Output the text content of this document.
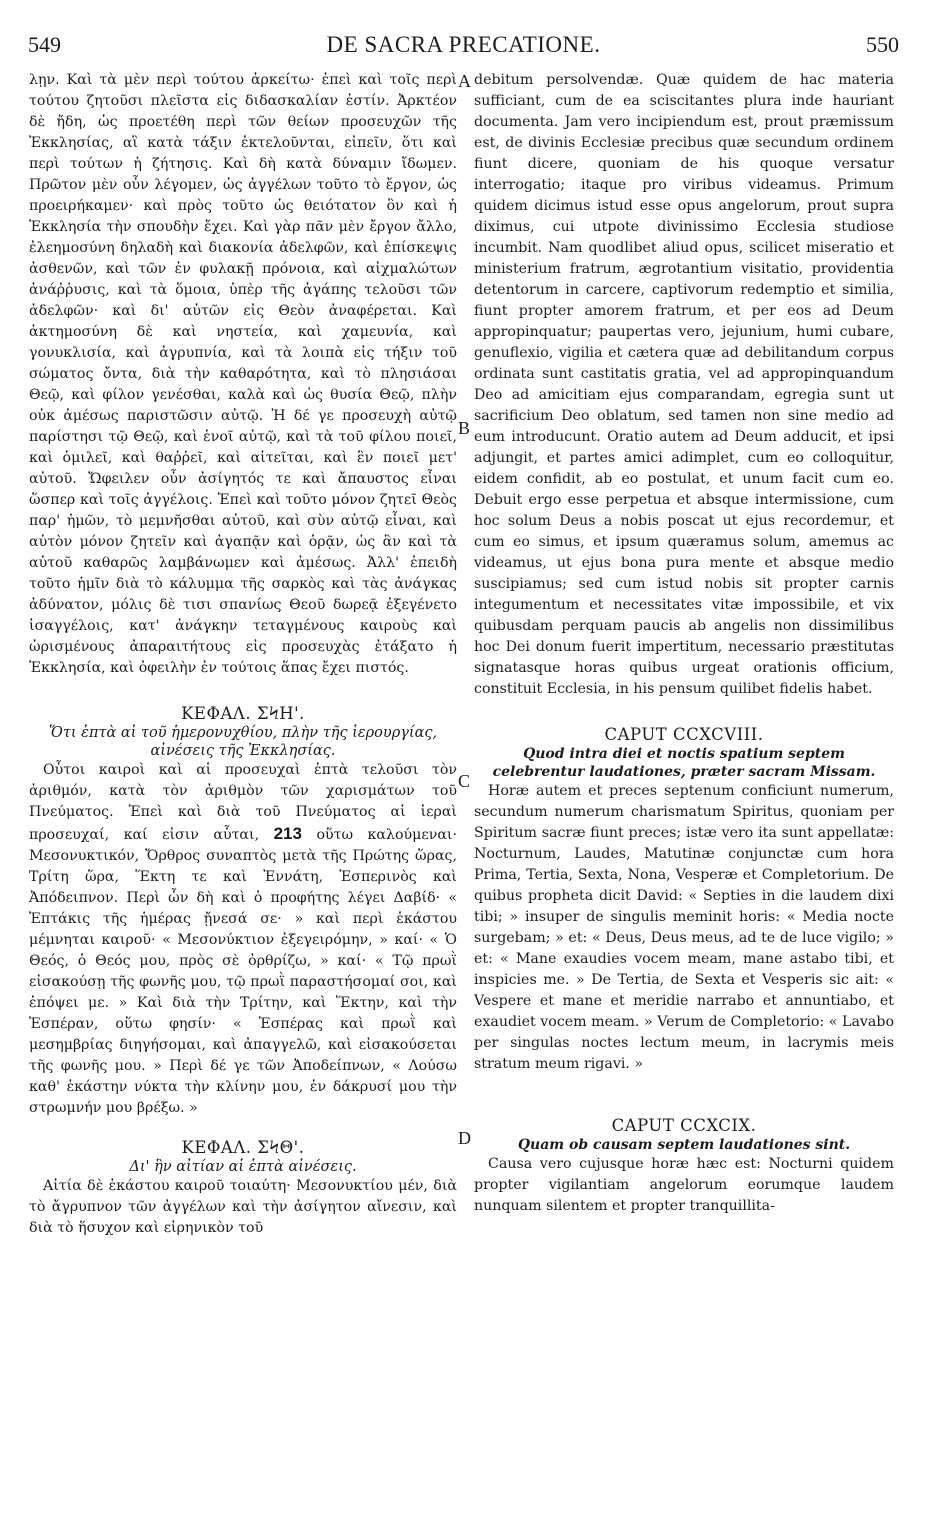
549	DE SACRA PRECATIONE.	550
A
B
C
D

λῃν. Καὶ τὰ μὲν περὶ τούτου ἀρκείτω· ἐπεὶ καὶ τοῖς περὶ τούτου ζητοῦσι πλεῖστα εἰς διδασκαλίαν ἐστίν. Ἀρκτέον δὲ ἤδη, ὡς προετέθη περὶ τῶν θείων προσευχῶν τῆς Ἐκκλησίας, αἳ κατὰ τάξιν ἐκτελοῦνται, εἰπεῖν, ὅτι καὶ περὶ τούτων ἡ ζήτησις. Καὶ δὴ κατὰ δύναμιν ἴδωμεν. Πρῶτον μὲν οὖν λέγομεν, ὡς ἀγγέλων τοῦτο τὸ ἔργον, ὡς προειρήκαμεν· καὶ πρὸς τοῦτο ὡς θειότατον ὃν καὶ ἡ Ἐκκλησία τὴν σπουδὴν ἔχει. Καὶ γὰρ πᾶν μὲν ἔργον ἄλλο, ἐλεημοσύνη δηλαδὴ καὶ διακονία ἀδελφῶν, καὶ ἐπίσκεψις ἀσθενῶν, καὶ τῶν ἐν φυλακῇ πρόνοια, καὶ αἰχμαλώτων ἀνάῤῥυσις, καὶ τὰ ὅμοια, ὑπὲρ τῆς ἀγάπης τελοῦσι τῶν ἀδελφῶν· καὶ δι' αὐτῶν εἰς Θεὸν ἀναφέρεται. Καὶ ἀκτημοσύνη δὲ καὶ νηστεία, καὶ χαμευνία, καὶ γονυκλισία, καὶ ἀγρυπνία, καὶ τὰ λοιπὰ εἰς τήξιν τοῦ σώματος ὄντα, διὰ τὴν καθαρότητα, καὶ τὸ πλησιάσαι Θεῷ, καὶ φίλον γενέσθαι, καλὰ καὶ ὡς θυσία Θεῷ, πλὴν οὐκ ἀμέσως παριστῶσιν αὐτῷ. Ἡ δέ γε προσευχὴ αὐτῷ παρίστησι τῷ Θεῷ, καὶ ἑνοῖ αὐτῷ, καὶ τὰ τοῦ φίλου ποιεῖ, καὶ ὁμιλεῖ, καὶ θαῤῥεῖ, καὶ αἰτεῖται, καὶ ἓν ποιεῖ μετ' αὐτοῦ. Ὤφειλεν οὖν ἀσίγητός τε καὶ ἄπαυστος εἶναι ὥσπερ καὶ τοῖς ἀγγέλοις. Ἐπεὶ καὶ τοῦτο μόνον ζητεῖ Θεὸς παρ' ἡμῶν, τὸ μεμνῆσθαι αὐτοῦ, καὶ σὺν αὐτῷ εἶναι, καὶ αὐτὸν μόνον ζητεῖν καὶ ἀγαπᾷν καὶ ὁρᾷν, ὡς ἂν καὶ τὰ αὐτοῦ καθαρῶς λαμβάνωμεν καὶ ἀμέσως. Ἀλλ' ἐπειδὴ τοῦτο ἡμῖν διὰ τὸ κάλυμμα τῆς σαρκὸς καὶ τὰς ἀνάγκας ἀδύνατον, μόλις δὲ τισι σπανίως Θεοῦ δωρεᾷ ἐξεγένετο ἰσαγγέλοις, κατ' ἀνάγκην τεταγμένους καιροὺς καὶ ὡρισμένους ἀπαραιτήτους εἰς προσευχὰς ἐτάξατο ἡ Ἐκκλησία, καὶ ὀφειλὴν ἐν τούτοις ἅπας ἔχει πιστός.

ΚΕΦΑΛ. ΣϞΗ'.
Ὅτι ἑπτὰ αἱ τοῦ ἡμερονυχθίου, πλὴν τῆς ἱερουργίας, αἰνέσεις τῆς Ἐκκλησίας.

Οὗτοι καιροὶ καὶ αἱ προσευχαὶ ἑπτὰ τελοῦσι τὸν ἀριθμόν, κατὰ τὸν ἀριθμὸν τῶν χαρισμάτων τοῦ Πνεύματος. Ἐπεὶ καὶ διὰ τοῦ Πνεύματος αἱ ἱεραὶ προσευχαί, καί εἰσιν αὗται, 213 οὕτω καλούμεναι· Μεσονυκτικόν, Ὄρθρος συναπτὸς μετὰ τῆς Πρώτης ὥρας, Τρίτη ὥρα, Ἕκτη τε καὶ Ἐννάτη, Ἑσπερινὸς καὶ Ἀπόδειπνον. Περὶ ὧν δὴ καὶ ὁ προφήτης λέγει Δαβίδ· « Ἑπτάκις τῆς ἡμέρας ᾔνεσά σε· » καὶ περὶ ἑκάστου μέμνηται καιροῦ· « Μεσονύκτιον ἐξεγειρόμην, » καί· « Ὁ Θεός, ὁ Θεός μου, πρὸς σὲ ὀρθρίζω, » καί· « Τῷ πρωῒ εἰσακούσῃ τῆς φωνῆς μου, τῷ πρωῒ παραστήσομαί σοι, καὶ ἐπόψει με. » Καὶ διὰ τὴν Τρίτην, καὶ Ἕκτην, καὶ τὴν Ἑσπέραν, οὕτω φησίν· « Ἑσπέρας καὶ πρωῒ καὶ μεσημβρίας διηγήσομαι, καὶ ἀπαγγελῶ, καὶ εἰσακούσεται τῆς φωνῆς μου. » Περὶ δέ γε τῶν Ἀποδείπνων, « Λούσω καθ' ἑκάστην νύκτα τὴν κλίνην μου, ἐν δάκρυσί μου τὴν στρωμνήν μου βρέξω. »

ΚΕΦΑΛ. ΣϞΘ'.
Δι' ἣν αἰτίαν αἱ ἑπτὰ αἰνέσεις.

Αἰτία δὲ ἑκάστου καιροῦ τοιαύτη· Μεσονυκτίου μέν, διὰ τὸ ἄγρυπνον τῶν ἀγγέλων καὶ τὴν ἀσίγητον αἴνεσιν, καὶ διὰ τὸ ἥσυχον καὶ εἰρηνικὸν τοῦ

debitum persolvendæ. Quæ quidem de hac materia sufficiant, cum de ea sciscitantes plura inde hauriant documenta. Jam vero incipiendum est, prout præmissum est, de divinis Ecclesiæ precibus quæ secundum ordinem fiunt dicere, quoniam de his quoque versatur interrogatio; itaque pro viribus videamus. Primum quidem dicimus istud esse opus angelorum, prout supra diximus, cui utpote divinissimo Ecclesia studiose incumbit. Nam quodlibet aliud opus, scilicet miseratio et ministerium fratrum, ægrotantium visitatio, providentia detentorum in carcere, captivorum redemptio et similia, fiunt propter amorem fratrum, et per eos ad Deum appropinquatur; paupertas vero, jejunium, humi cubare, genuflexio, vigilia et cætera quæ ad debilitandum corpus ordinata sunt castitatis gratia, vel ad appropinquandum Deo ad amicitiam ejus comparandam, egregia sunt ut sacrificium Deo oblatum, sed tamen non sine medio ad eum introducunt. Oratio autem ad Deum adducit, et ipsi adjungit, et partes amici adimplet, cum eo colloquitur, eidem confidit, ab eo postulat, et unum facit cum eo. Debuit ergo esse perpetua et absque intermissione, cum hoc solum Deus a nobis poscat ut ejus recordemur, et cum eo simus, et ipsum quæramus solum, amemus ac videamus, ut ejus bona pura mente et absque medio suscipiamus; sed cum istud nobis sit propter carnis integumentum et necessitates vitæ impossibile, et vix quibusdam perquam paucis ab angelis non dissimilibus hoc Dei donum fuerit impertitum, necessario præstitutas signatasque horas quibus urgeat orationis officium, constituit Ecclesia, in his pensum quilibet fidelis habet.

CAPUT CCXCVIII.
Quod intra diei et noctis spatium septem celebrentur laudationes, præter sacram Missam.

Horæ autem et preces septenum conficiunt numerum, secundum numerum charismatum Spiritus, quoniam per Spiritum sacræ fiunt preces; istæ vero ita sunt appellatæ: Nocturnum, Laudes, Matutinæ conjunctæ cum hora Prima, Tertia, Sexta, Nona, Vesperæ et Completorium. De quibus propheta dicit David: « Septies in die laudem dixi tibi; » insuper de singulis meminit horis: « Media nocte surgebam; » et: « Deus, Deus meus, ad te de luce vigilo; » et: « Mane exaudies vocem meam, mane astabo tibi, et inspicies me. » De Tertia, de Sexta et Vesperis sic ait: « Vespere et mane et meridie narrabo et annuntiabo, et exaudiet vocem meam. » Verum de Completorio: « Lavabo per singulas noctes lectum meum, in lacrymis meis stratum meum rigavi. »

CAPUT CCXCIX.
Quam ob causam septem laudationes sint.

Causa vero cujusque horæ hæc est: Nocturni quidem propter vigilantiam angelorum eorumque laudem nunquam silentem et propter tranquillita-
